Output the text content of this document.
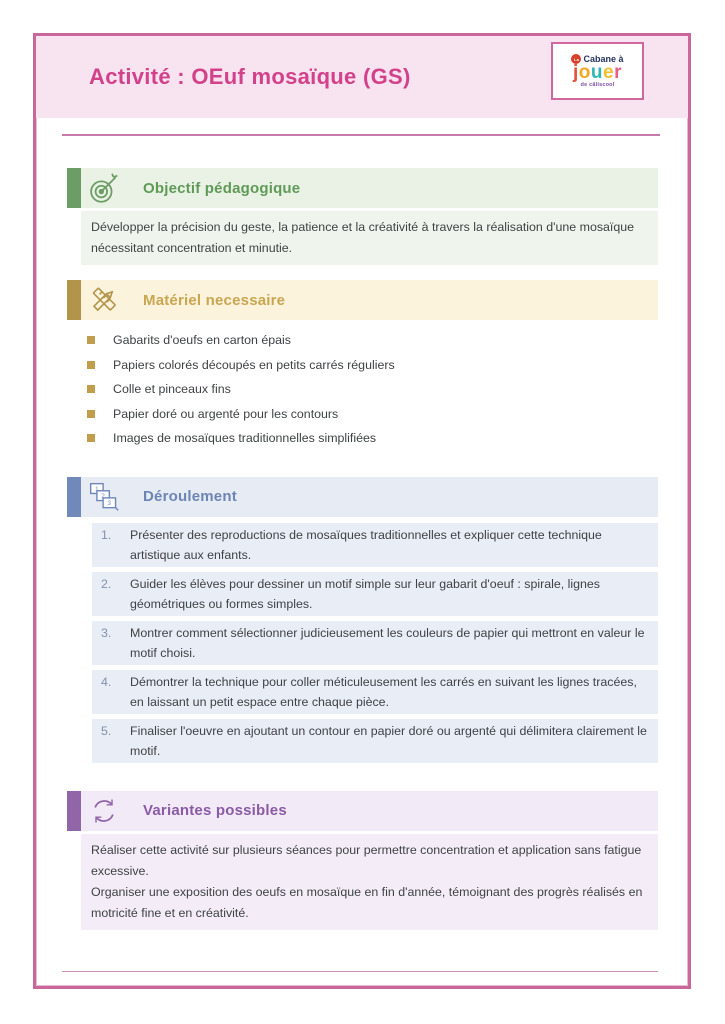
Activité : OEuf mosaïque (GS)
La Cabane à
jouer
de câliscool
Objectif pédagogique
Développer la précision du geste, la patience et la créativité à travers la réalisation d'une mosaïque nécessitant concentration et minutie.
Matériel necessaire
Gabarits d'oeufs en carton épais
Papiers colorés découpés en petits carrés réguliers
Colle et pinceaux fins
Papier doré ou argenté pour les contours
Images de mosaïques traditionnelles simplifiées
1
2
3 Déroulement
1.	Présenter des reproductions de mosaïques traditionnelles et expliquer cette technique artistique aux enfants.
2.	Guider les élèves pour dessiner un motif simple sur leur gabarit d'oeuf : spirale, lignes géométriques ou formes simples.
3.	Montrer comment sélectionner judicieusement les couleurs de papier qui mettront en valeur le motif choisi.
4.	Démontrer la technique pour coller méticuleusement les carrés en suivant les lignes tracées, en laissant un petit espace entre chaque pièce.
5.	Finaliser l'oeuvre en ajoutant un contour en papier doré ou argenté qui délimitera clairement le motif.
Variantes possibles

Réaliser cette activité sur plusieurs séances pour permettre concentration et application sans fatigue excessive.

Organiser une exposition des oeufs en mosaïque en fin d'année, témoignant des progrès réalisés en motricité fine et en créativité.
